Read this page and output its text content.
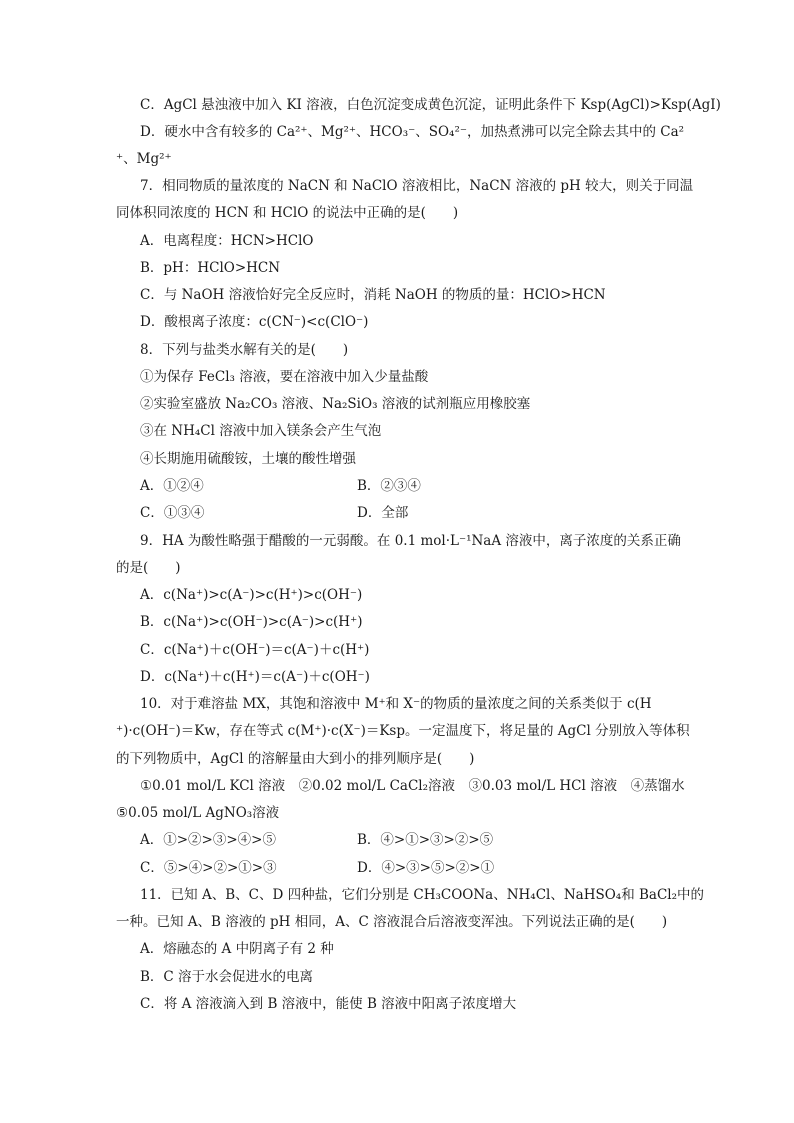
C．AgCl 悬浊液中加入 KI 溶液，白色沉淀变成黄色沉淀，证明此条件下 Ksp(AgCl)>Ksp(AgI)
D．硬水中含有较多的 Ca²⁺、Mg²⁺、HCO₃⁻、SO₄²⁻，加热煮沸可以完全除去其中的 Ca²
⁺、Mg²⁺
7．相同物质的量浓度的 NaCN 和 NaClO 溶液相比，NaCN 溶液的 pH 较大，则关于同温
同体积同浓度的 HCN 和 HClO 的说法中正确的是(　　)
A．电离程度：HCN>HClO
B．pH：HClO>HCN
C．与 NaOH 溶液恰好完全反应时，消耗 NaOH 的物质的量：HClO>HCN
D．酸根离子浓度：c(CN⁻)<c(ClO⁻)
8．下列与盐类水解有关的是(　　)
①为保存 FeCl₃ 溶液，要在溶液中加入少量盐酸
②实验室盛放 Na₂CO₃ 溶液、Na₂SiO₃ 溶液的试剂瓶应用橡胶塞
③在 NH₄Cl 溶液中加入镁条会产生气泡
④长期施用硫酸铵，土壤的酸性增强
A．①②④	B．②③④
C．①③④	D．全部
9．HA 为酸性略强于醋酸的一元弱酸。在 0.1 mol·L⁻¹NaA 溶液中，离子浓度的关系正确
的是(　　)
A．c(Na⁺)>c(A⁻)>c(H⁺)>c(OH⁻)
B．c(Na⁺)>c(OH⁻)>c(A⁻)>c(H⁺)
C．c(Na⁺)＋c(OH⁻)＝c(A⁻)＋c(H⁺)
D．c(Na⁺)＋c(H⁺)＝c(A⁻)＋c(OH⁻)
10．对于难溶盐 MX，其饱和溶液中 M⁺和 X⁻的物质的量浓度之间的关系类似于 c(H
⁺)·c(OH⁻)＝Kw，存在等式 c(M⁺)·c(X⁻)＝Ksp。一定温度下，将足量的 AgCl 分别放入等体积
的下列物质中，AgCl 的溶解量由大到小的排列顺序是(　　)
①0.01 mol/L KCl 溶液　②0.02 mol/L CaCl₂溶液　③0.03 mol/L HCl 溶液　④蒸馏水
⑤0.05 mol/L AgNO₃溶液
A．①>②>③>④>⑤	B．④>①>③>②>⑤
C．⑤>④>②>①>③	D．④>③>⑤>②>①
11．已知 A、B、C、D 四种盐，它们分别是 CH₃COONa、NH₄Cl、NaHSO₄和 BaCl₂中的
一种。已知 A、B 溶液的 pH 相同，A、C 溶液混合后溶液变浑浊。下列说法正确的是(　　)
A．熔融态的 A 中阴离子有 2 种
B．C 溶于水会促进水的电离
C．将 A 溶液滴入到 B 溶液中，能使 B 溶液中阳离子浓度增大
